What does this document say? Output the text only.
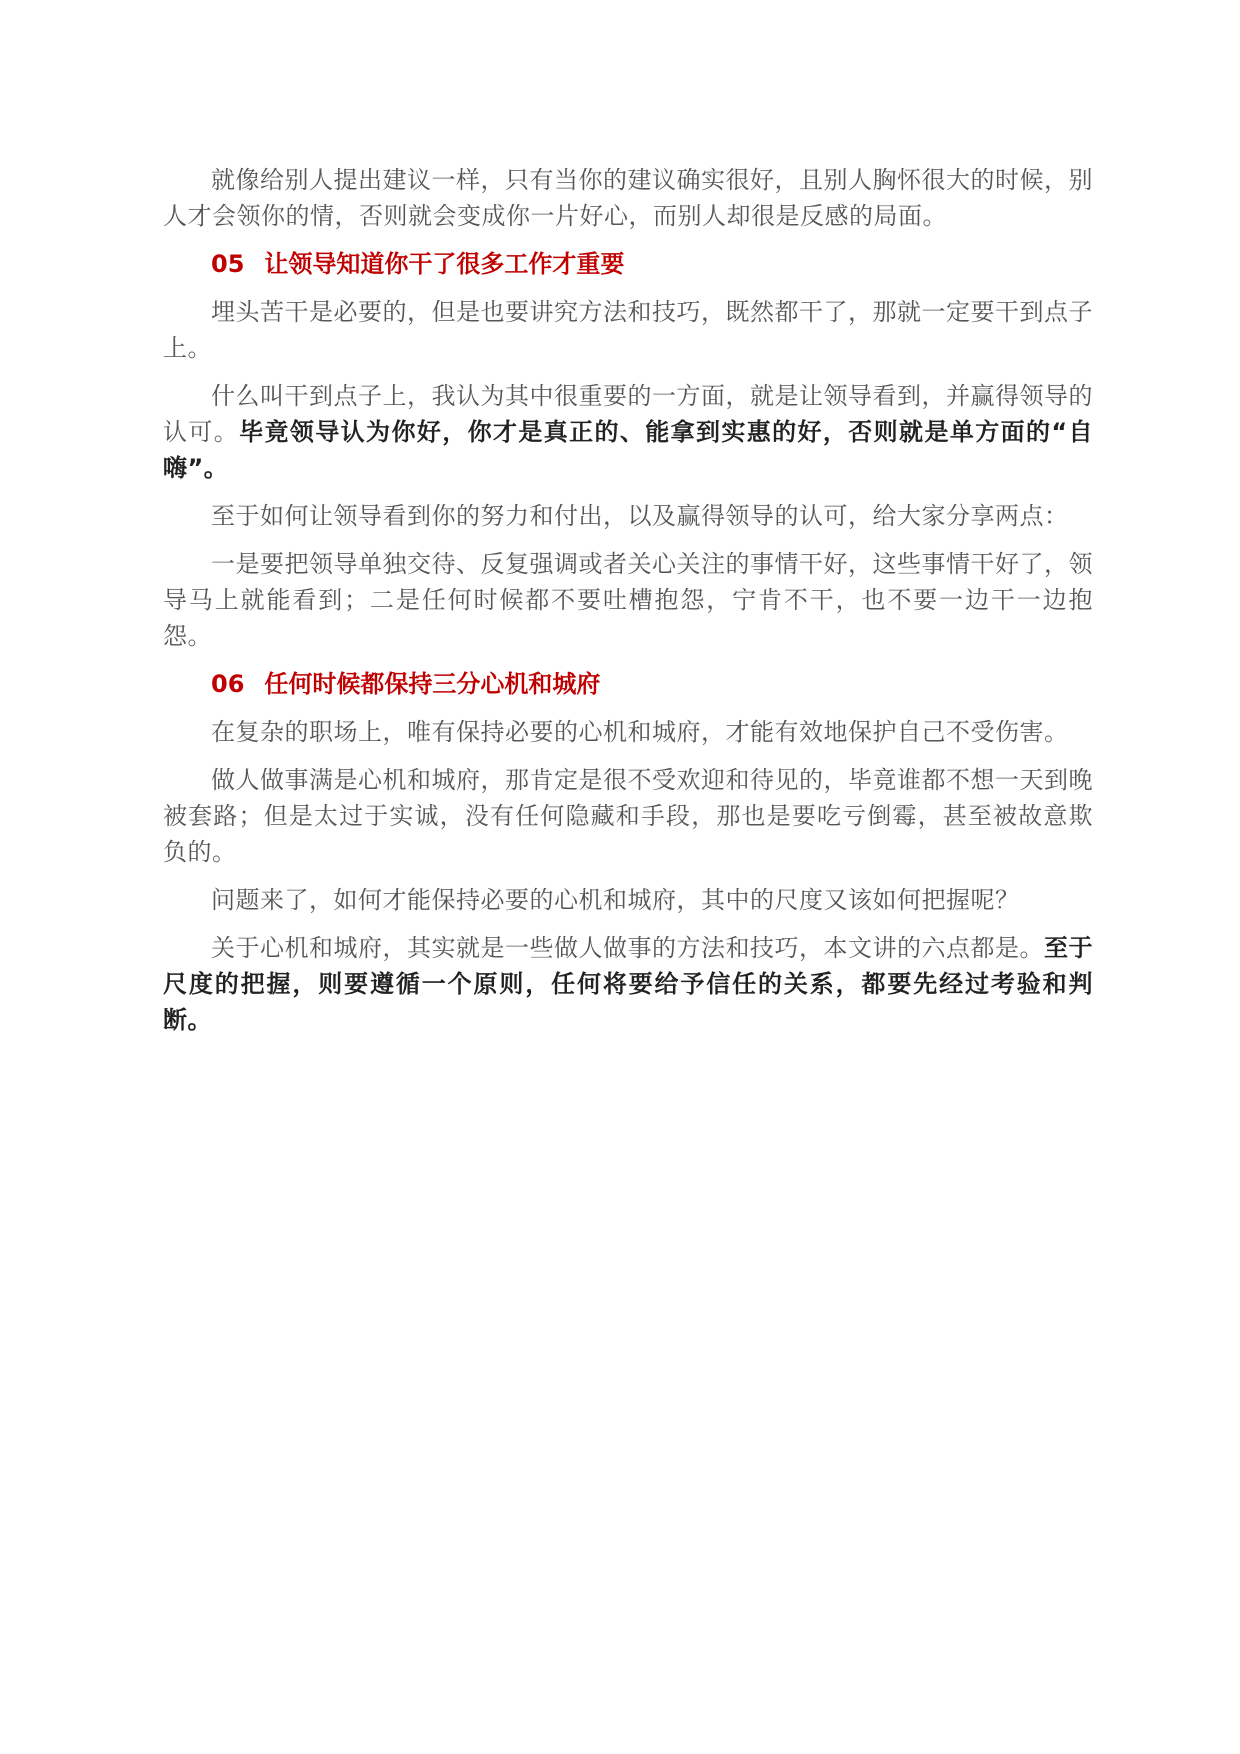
就像给别人提出建议一样，只有当你的建议确实很好，且别人胸怀很大的时候，别人才会领你的情，否则就会变成你一片好心，而别人却很是反感的局面。

05 让领导知道你干了很多工作才重要

埋头苦干是必要的，但是也要讲究方法和技巧，既然都干了，那就一定要干到点子上。

什么叫干到点子上，我认为其中很重要的一方面，就是让领导看到，并赢得领导的认可。毕竟领导认为你好，你才是真正的、能拿到实惠的好，否则就是单方面的“自嗨”。

至于如何让领导看到你的努力和付出，以及赢得领导的认可，给大家分享两点：

一是要把领导单独交待、反复强调或者关心关注的事情干好，这些事情干好了，领导马上就能看到；二是任何时候都不要吐槽抱怨，宁肯不干，也不要一边干一边抱怨。

06 任何时候都保持三分心机和城府

在复杂的职场上，唯有保持必要的心机和城府，才能有效地保护自己不受伤害。

做人做事满是心机和城府，那肯定是很不受欢迎和待见的，毕竟谁都不想一天到晚被套路；但是太过于实诚，没有任何隐藏和手段，那也是要吃亏倒霉，甚至被故意欺负的。

问题来了，如何才能保持必要的心机和城府，其中的尺度又该如何把握呢？

关于心机和城府，其实就是一些做人做事的方法和技巧，本文讲的六点都是。至于尺度的把握，则要遵循一个原则，任何将要给予信任的关系，都要先经过考验和判断。
